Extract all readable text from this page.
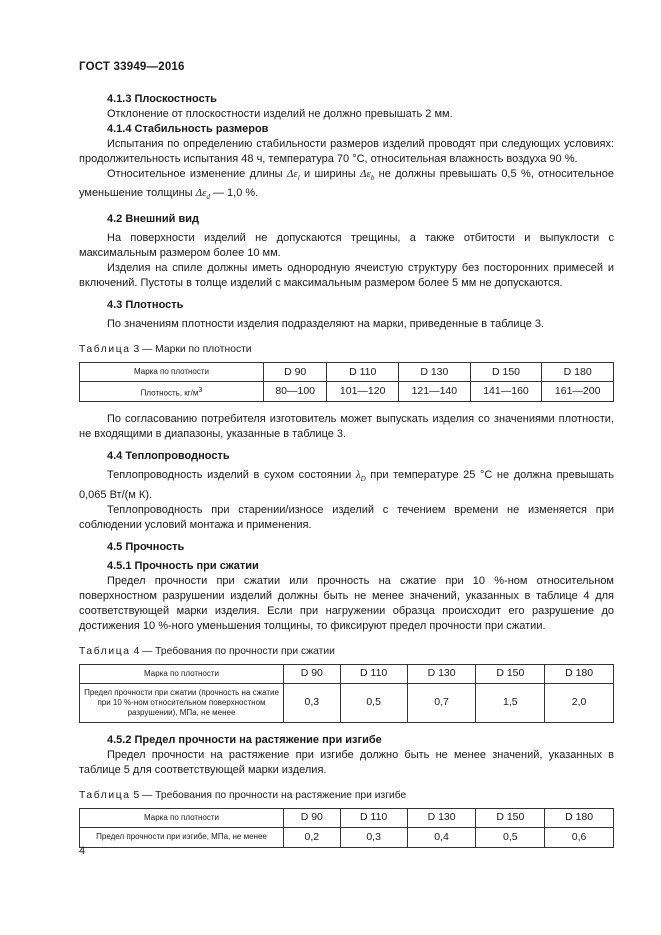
ГОСТ 33949—2016

4.1.3 Плоскостность

Отклонение от плоскостности изделий не должно превышать 2 мм.

4.1.4 Стабильность размеров

Испытания по определению стабильности размеров изделий проводят при следующих условиях: продолжительность испытания 48 ч, температура 70 °С, относительная влажность воздуха 90 %.

Относительное изменение длины $\Delta\varepsilon_l$ и ширины $\Delta\varepsilon_b$ не должны превышать 0,5 %, относительное уменьшение толщины $\Delta\varepsilon_d$ — 1,0 %.

4.2 Внешний вид

На поверхности изделий не допускаются трещины, а также отбитости и выпуклости с максимальным размером более 10 мм.

Изделия на спиле должны иметь однородную ячеистую структуру без посторонних примесей и включений. Пустоты в толще изделий с максимальным размером более 5 мм не допускаются.

4.3 Плотность

По значениям плотности изделия подразделяют на марки, приведенные в таблице 3.

Таблица 3 — Марки по плотности

Марка по плотности	D 90	D 110	D 130	D 150	D 180
Плотность, $кг/м^3$	80—100	101—120	121—140	141—160	161—200

По согласованию потребителя изготовитель может выпускать изделия со значениями плотности, не входящими в диапазоны, указанные в таблице 3.

4.4 Теплопроводность

Теплопроводность изделий в сухом состоянии $\lambda_D$ при температуре 25 °С не должна превышать 0,065 Вт/(м К).

Теплопроводность при старении/износе изделий с течением времени не изменяется при соблюдении условий монтажа и применения.

4.5 Прочность

4.5.1 Прочность при сжатии

Предел прочности при сжатии или прочность на сжатие при 10 %-ном относительном поверхностном разрушении изделий должны быть не менее значений, указанных в таблице 4 для соответствующей марки изделия. Если при нагружении образца происходит его разрушение до достижения 10 %-ного уменьшения толщины, то фиксируют предел прочности при сжатии.

Таблица 4 — Требования по прочности при сжатии

Марка по плотности	D 90	D 110	D 130	D 150	D 180
Предел прочности при сжатии (прочность на сжатие при 10 %-ном относительном поверхностном разрушении), МПа, не менее	0,3	0,5	0,7	1,5	2,0

4.5.2 Предел прочности на растяжение при изгибе

Предел прочности на растяжение при изгибе должно быть не менее значений, указанных в таблице 5 для соответствующей марки изделия.

Таблица 5 — Требования по прочности на растяжение при изгибе

Марка по плотности	D 90	D 110	D 130	D 150	D 180
Предел прочности при изгибе, МПа, не менее	0,2	0,3	0,4	0,5	0,6
4
